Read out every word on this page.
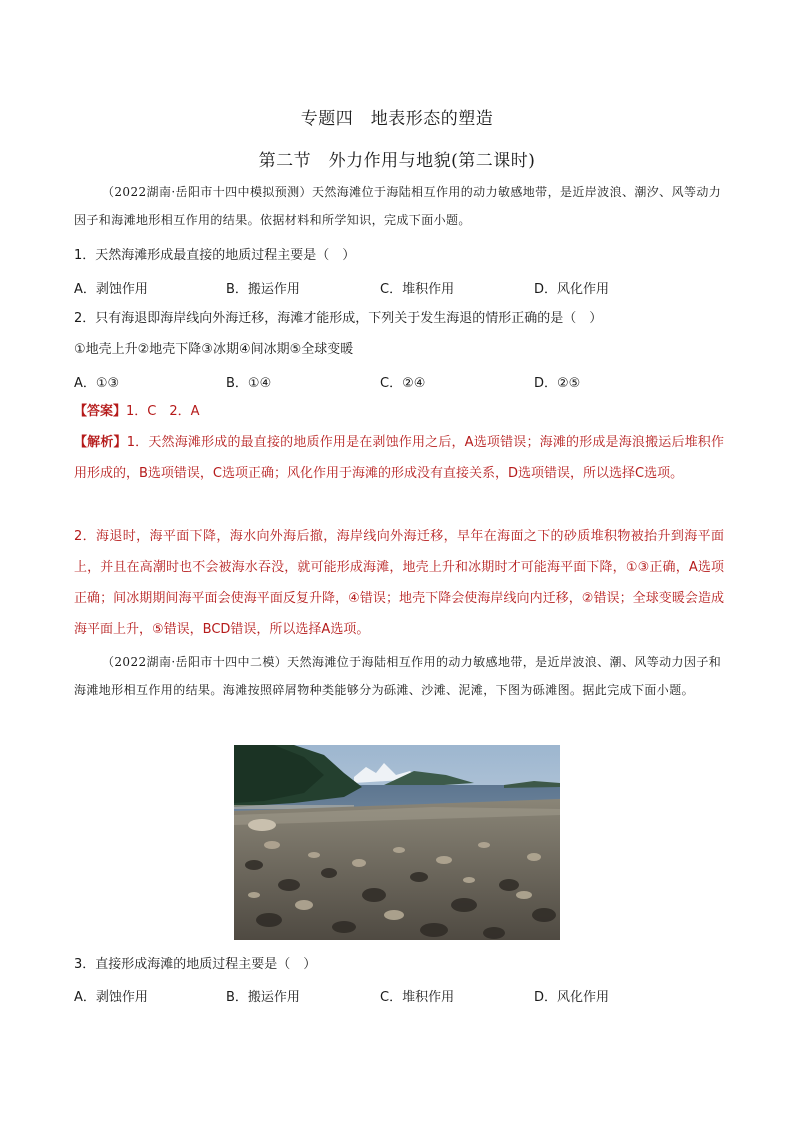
专题四　地表形态的塑造
第二节　外力作用与地貌(第二课时)
（2022湖南·岳阳市十四中模拟预测）天然海滩位于海陆相互作用的动力敏感地带，是近岸波浪、潮汐、风等动力因子和海滩地形相互作用的结果。依据材料和所学知识，完成下面小题。
1．天然海滩形成最直接的地质过程主要是（　）
A．剥蚀作用	B．搬运作用	C．堆积作用	D．风化作用
2．只有海退即海岸线向外海迁移，海滩才能形成，下列关于发生海退的情形正确的是（　）
①地壳上升②地壳下降③冰期④间冰期⑤全球变暖
A．①③	B．①④	C．②④	D．②⑤
【答案】1．C　2．A
【解析】1．天然海滩形成的最直接的地质作用是在剥蚀作用之后，A选项错误；海滩的形成是海浪搬运后堆积作用形成的，B选项错误，C选项正确；风化作用于海滩的形成没有直接关系，D选项错误，所以选择C选项。
2．海退时，海平面下降，海水向外海后撤，海岸线向外海迁移，早年在海面之下的砂质堆积物被抬升到海平面上，并且在高潮时也不会被海水吞没，就可能形成海滩，地壳上升和冰期时才可能海平面下降，①③正确，A选项正确；间冰期期间海平面会使海平面反复升降，④错误；地壳下降会使海岸线向内迁移，②错误；全球变暖会造成海平面上升，⑤错误，BCD错误，所以选择A选项。
（2022湖南·岳阳市十四中二模）天然海滩位于海陆相互作用的动力敏感地带，是近岸波浪、潮、风等动力因子和海滩地形相互作用的结果。海滩按照碎屑物种类能够分为砾滩、沙滩、泥滩，下图为砾滩图。据此完成下面小题。
3．直接形成海滩的地质过程主要是（　）
A．剥蚀作用	B．搬运作用	C．堆积作用	D．风化作用
